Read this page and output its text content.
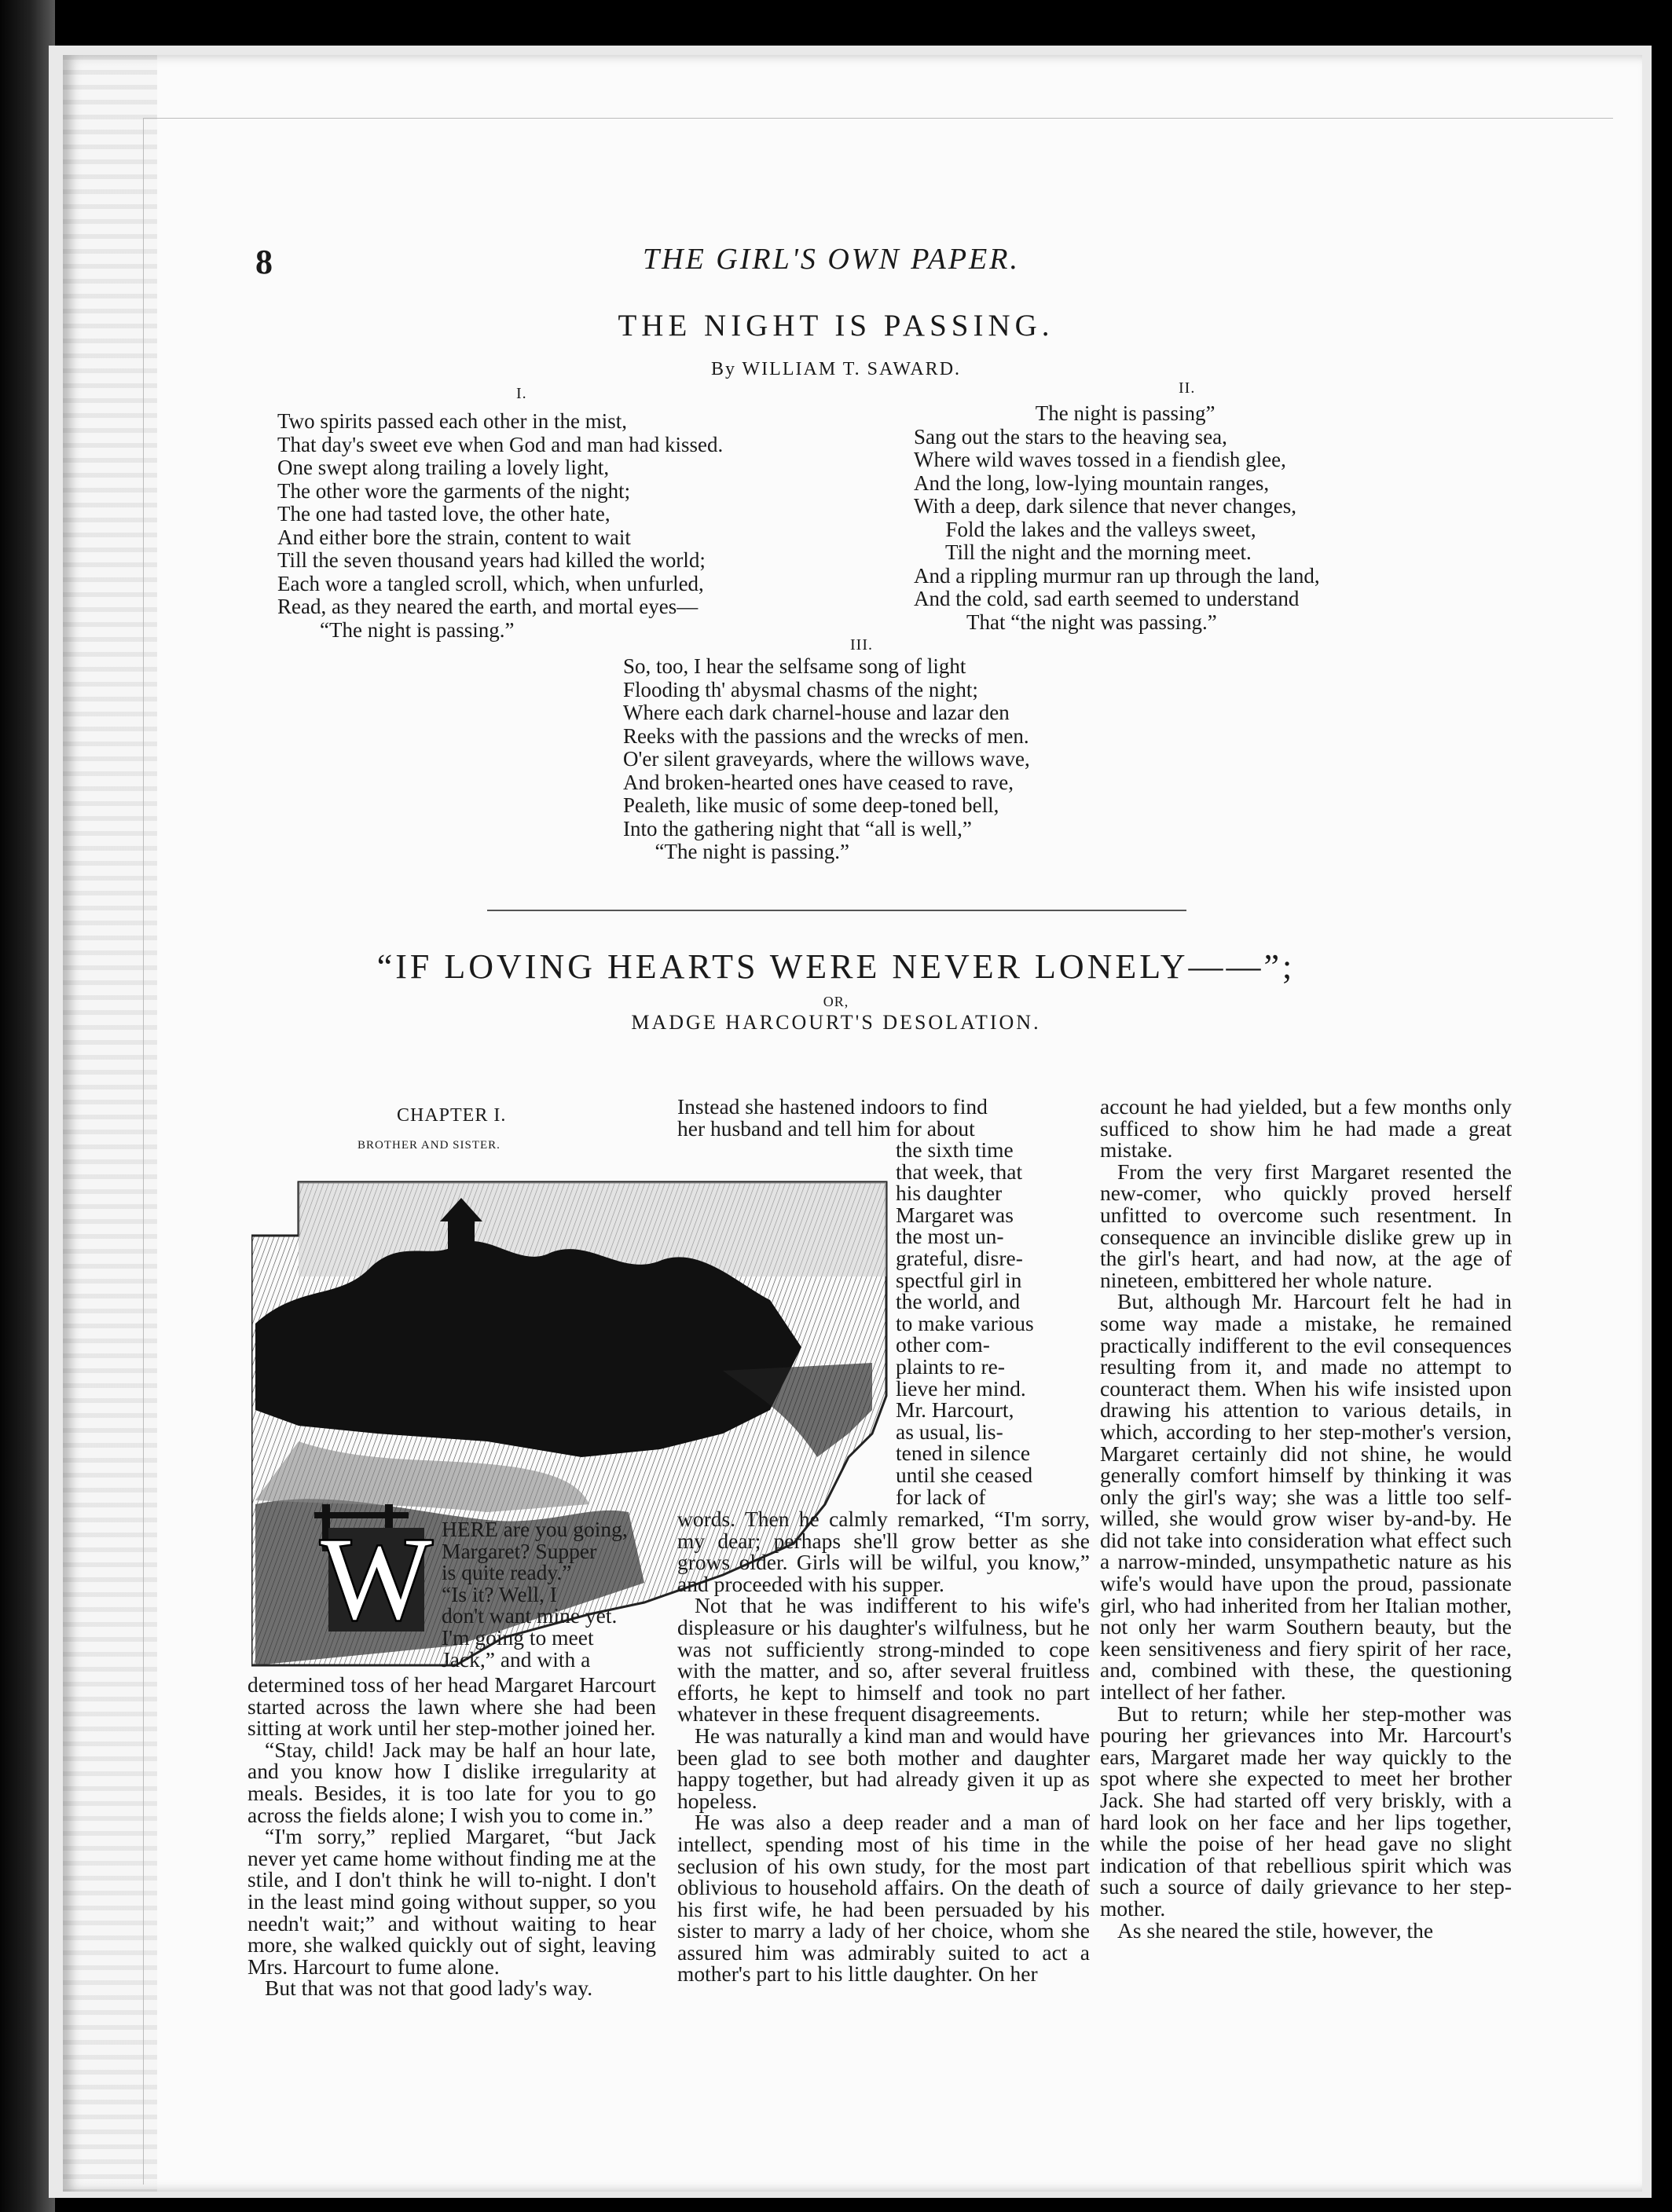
8	THE GIRL'S OWN PAPER.
THE NIGHT IS PASSING.
By WILLIAM T. SAWARD.
I.
Two spirits passed each other in the mist,
That day's sweet eve when God and man had kissed.
One swept along trailing a lovely light,
The other wore the garments of the night;
The one had tasted love, the other hate,
And either bore the strain, content to wait
Till the seven thousand years had killed the world;
Each wore a tangled scroll, which, when unfurled,
Read, as they neared the earth, and mortal eyes—
“The night is passing.”
II.
The night is passing”
Sang out the stars to the heaving sea,
Where wild waves tossed in a fiendish glee,
And the long, low-lying mountain ranges,
With a deep, dark silence that never changes,
Fold the lakes and the valleys sweet,
Till the night and the morning meet.
And a rippling murmur ran up through the land,
And the cold, sad earth seemed to understand
That “the night was passing.”
III.
So, too, I hear the selfsame song of light
Flooding th' abysmal chasms of the night;
Where each dark charnel-house and lazar den
Reeks with the passions and the wrecks of men.
O'er silent graveyards, where the willows wave,
And broken-hearted ones have ceased to rave,
Pealeth, like music of some deep-toned bell,
Into the gathering night that “all is well,”
“The night is passing.”
“IF LOVING HEARTS WERE NEVER LONELY——”;
OR,
MADGE HARCOURT'S DESOLATION.
CHAPTER I.
BROTHER AND SISTER.
W HERE are you going,
Margaret? Supper
is quite ready.”
“Is it? Well, I
don't want mine yet.
I'm going to meet
Jack,” and with a

determined toss of her head Margaret Harcourt started across the lawn where she had been sitting at work until her step-mother joined her.

“Stay, child! Jack may be half an hour late, and you know how I dislike irregularity at meals. Besides, it is too late for you to go across the fields alone; I wish you to come in.”

“I'm sorry,” replied Margaret, “but Jack never yet came home without finding me at the stile, and I don't think he will to-night. I don't in the least mind going without supper, so you needn't wait;” and without waiting to hear more, she walked quickly out of sight, leaving Mrs. Harcourt to fume alone.

But that was not that good lady's way.

Instead she hastened indoors to find
her husband and tell him for about
the sixth time
that week, that
his daughter
Margaret was
the most un-
grateful, disre-
spectful girl in
the world, and
to make various
other com-
plaints to re-
lieve her mind.
Mr. Harcourt,
as usual, lis-
tened in silence
until she ceased
for lack of

words. Then he calmly remarked, “I'm sorry, my dear; perhaps she'll grow better as she grows older. Girls will be wilful, you know,” and proceeded with his supper.

Not that he was indifferent to his wife's displeasure or his daughter's wilfulness, but he was not sufficiently strong-minded to cope with the matter, and so, after several fruitless efforts, he kept to himself and took no part whatever in these frequent disagreements.

He was naturally a kind man and would have been glad to see both mother and daughter happy together, but had already given it up as hopeless.

He was also a deep reader and a man of intellect, spending most of his time in the seclusion of his own study, for the most part oblivious to household affairs. On the death of his first wife, he had been persuaded by his sister to marry a lady of her choice, whom she assured him was admirably suited to act a mother's part to his little daughter. On her

account he had yielded, but a few months only sufficed to show him he had made a great mistake.

From the very first Margaret resented the new-comer, who quickly proved herself unfitted to overcome such resentment. In consequence an invincible dislike grew up in the girl's heart, and had now, at the age of nineteen, embittered her whole nature.

But, although Mr. Harcourt felt he had in some way made a mistake, he remained practically indifferent to the evil consequences resulting from it, and made no attempt to counteract them. When his wife insisted upon drawing his attention to various details, in which, according to her step-mother's version, Margaret certainly did not shine, he would generally comfort himself by thinking it was only the girl's way; she was a little too self-willed, she would grow wiser by-and-by. He did not take into consideration what effect such a narrow-minded, unsympathetic nature as his wife's would have upon the proud, passionate girl, who had inherited from her Italian mother, not only her warm Southern beauty, but the keen sensitiveness and fiery spirit of her race, and, combined with these, the questioning intellect of her father.

But to return; while her step-mother was pouring her grievances into Mr. Harcourt's ears, Margaret made her way quickly to the spot where she expected to meet her brother Jack. She had started off very briskly, with a hard look on her face and her lips together, while the poise of her head gave no slight indication of that rebellious spirit which was such a source of daily grievance to her step-mother.

As she neared the stile, however, the
